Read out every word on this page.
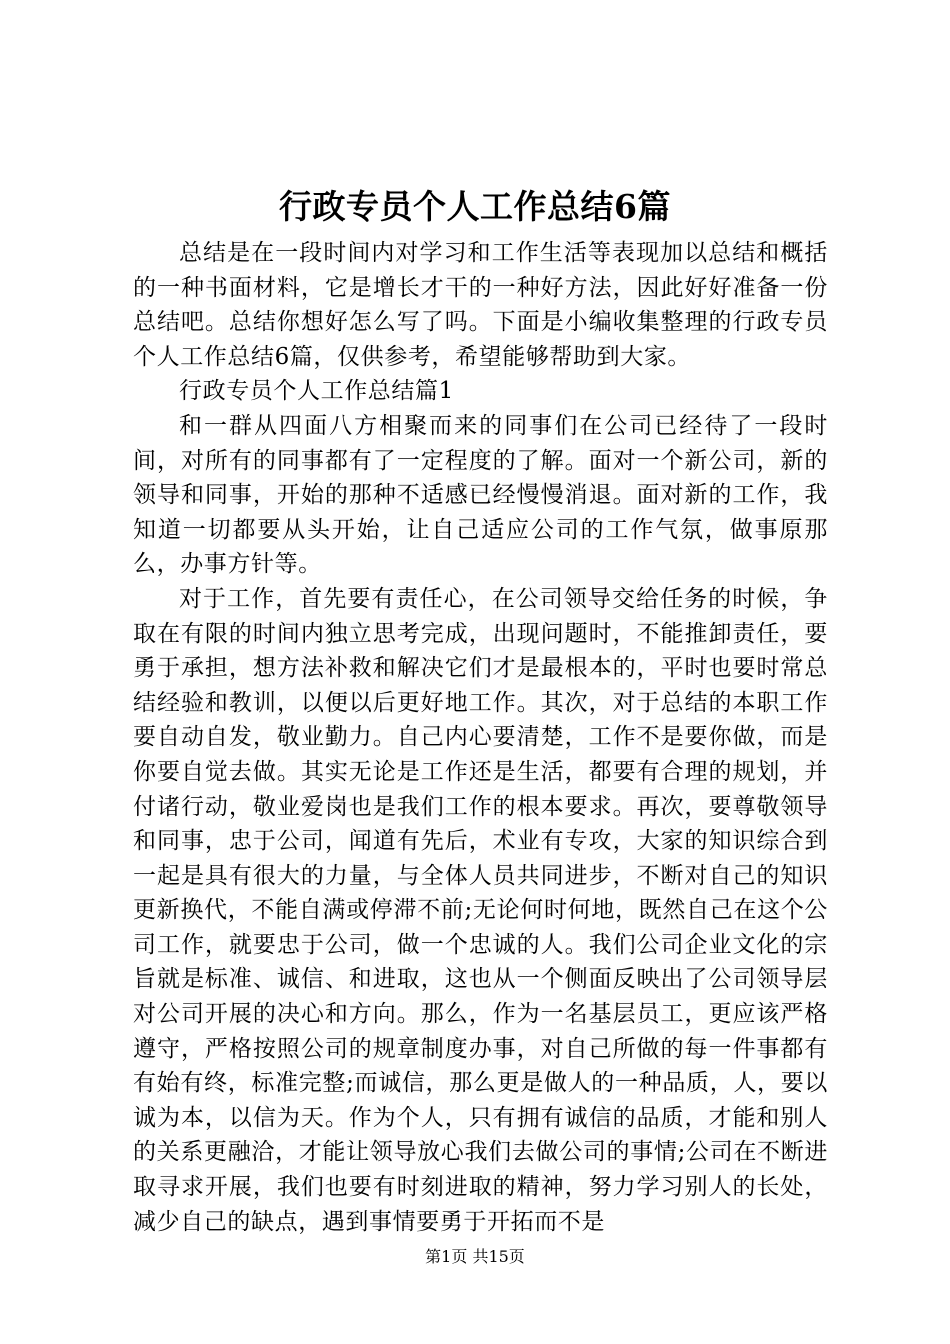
行政专员个人工作总结6篇

总结是在一段时间内对学习和工作生活等表现加以总结和概括的一种书面材料，它是增长才干的一种好方法，因此好好准备一份总结吧。总结你想好怎么写了吗。下面是小编收集整理的行政专员个人工作总结6篇，仅供参考，希望能够帮助到大家。

行政专员个人工作总结篇1

和一群从四面八方相聚而来的同事们在公司已经待了一段时间，对所有的同事都有了一定程度的了解。面对一个新公司，新的领导和同事，开始的那种不适感已经慢慢消退。面对新的工作，我知道一切都要从头开始，让自己适应公司的工作气氛，做事原那么，办事方针等。

对于工作，首先要有责任心，在公司领导交给任务的时候，争取在有限的时间内独立思考完成，出现问题时，不能推卸责任，要勇于承担，想方法补救和解决它们才是最根本的，平时也要时常总结经验和教训，以便以后更好地工作。其次，对于总结的本职工作要自动自发，敬业勤力。自己内心要清楚，工作不是要你做，而是你要自觉去做。其实无论是工作还是生活，都要有合理的规划，并付诸行动，敬业爱岗也是我们工作的根本要求。再次，要尊敬领导和同事，忠于公司，闻道有先后，术业有专攻，大家的知识综合到一起是具有很大的力量，与全体人员共同进步，不断对自己的知识更新换代，不能自满或停滞不前;无论何时何地，既然自己在这个公司工作，就要忠于公司，做一个忠诚的人。我们公司企业文化的宗旨就是标准、诚信、和进取，这也从一个侧面反映出了公司领导层对公司开展的决心和方向。那么，作为一名基层员工，更应该严格遵守，严格按照公司的规章制度办事，对自己所做的每一件事都有有始有终，标准完整;而诚信，那么更是做人的一种品质，人，要以诚为本，以信为天。作为个人，只有拥有诚信的品质，才能和别人的关系更融洽，才能让领导放心我们去做公司的事情;公司在不断进取寻求开展，我们也要有时刻进取的精神，努力学习别人的长处，减少自己的缺点，遇到事情要勇于开拓而不是

第1页 共15页
